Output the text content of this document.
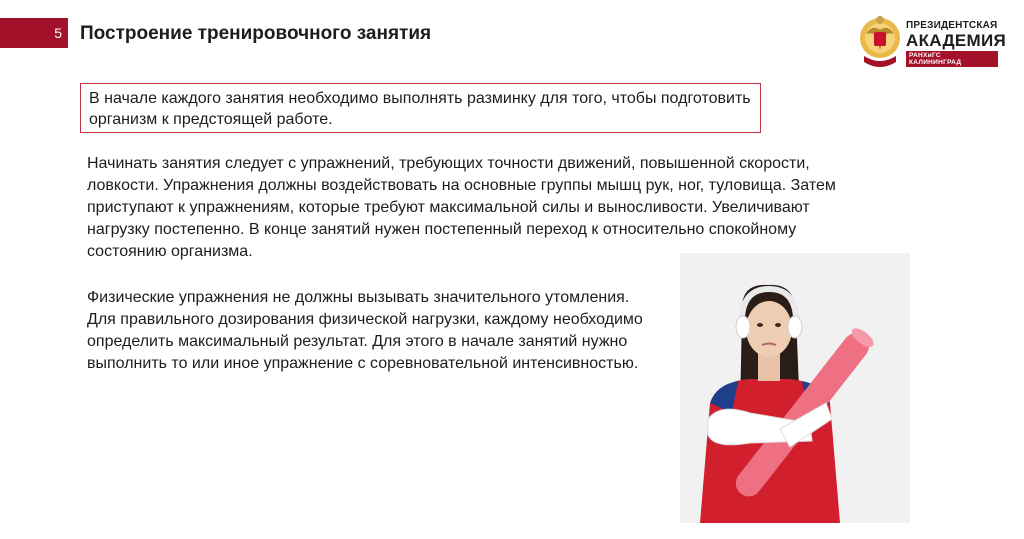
5 Построение тренировочного занятия	ПРЕЗИДЕНТСКАЯ
АКАДЕМИЯ
РАНХиГС КАЛИНИНГРАД
В начале каждого занятия необходимо выполнять разминку для того, чтобы подготовить организм к предстоящей работе.
Начинать занятия следует с упражнений, требующих точности движений, повышенной скорости, ловкости. Упражнения должны воздействовать на основные группы мышц рук, ног, туловища. Затем приступают к упражнениям, которые требуют максимальной силы и выносливости. Увеличивают нагрузку постепенно. В конце занятий нужен постепенный переход к относительно спокойному состоянию организма.
Физические упражнения не должны вызывать значительного утомления. Для правильного дозирования физической нагрузки, каждому необходимо определить максимальный результат. Для этого в начале занятий нужно выполнить то или иное упражнение с соревновательной интенсивностью.
